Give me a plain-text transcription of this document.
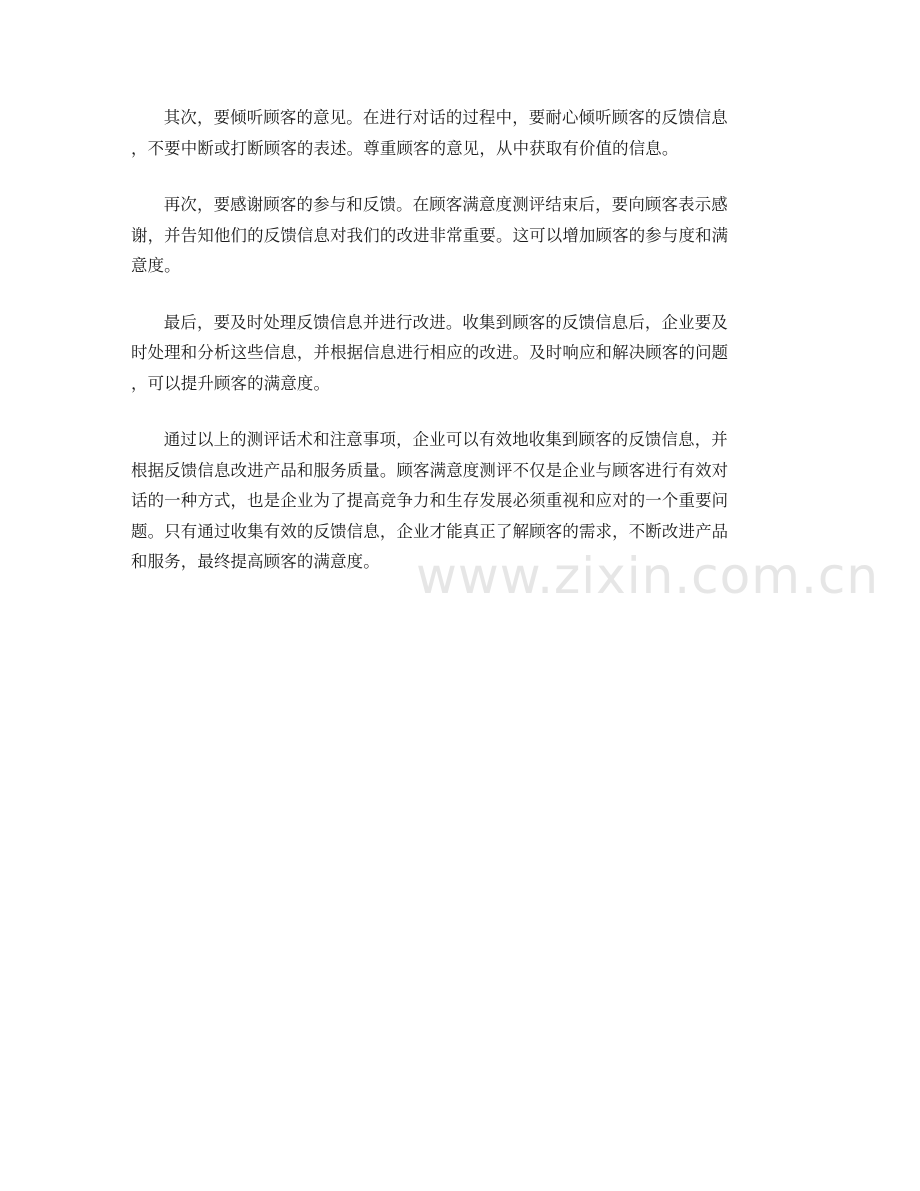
www.zixin.com.cn

其次，要倾听顾客的意见。在进行对话的过程中，要耐心倾听顾客的反馈信息
，不要中断或打断顾客的表述。尊重顾客的意见，从中获取有价值的信息。

再次，要感谢顾客的参与和反馈。在顾客满意度测评结束后，要向顾客表示感
谢，并告知他们的反馈信息对我们的改进非常重要。这可以增加顾客的参与度和满
意度。

最后，要及时处理反馈信息并进行改进。收集到顾客的反馈信息后，企业要及
时处理和分析这些信息，并根据信息进行相应的改进。及时响应和解决顾客的问题
，可以提升顾客的满意度。

通过以上的测评话术和注意事项，企业可以有效地收集到顾客的反馈信息，并
根据反馈信息改进产品和服务质量。顾客满意度测评不仅是企业与顾客进行有效对
话的一种方式，也是企业为了提高竞争力和生存发展必须重视和应对的一个重要问
题。只有通过收集有效的反馈信息，企业才能真正了解顾客的需求，不断改进产品
和服务，最终提高顾客的满意度。
